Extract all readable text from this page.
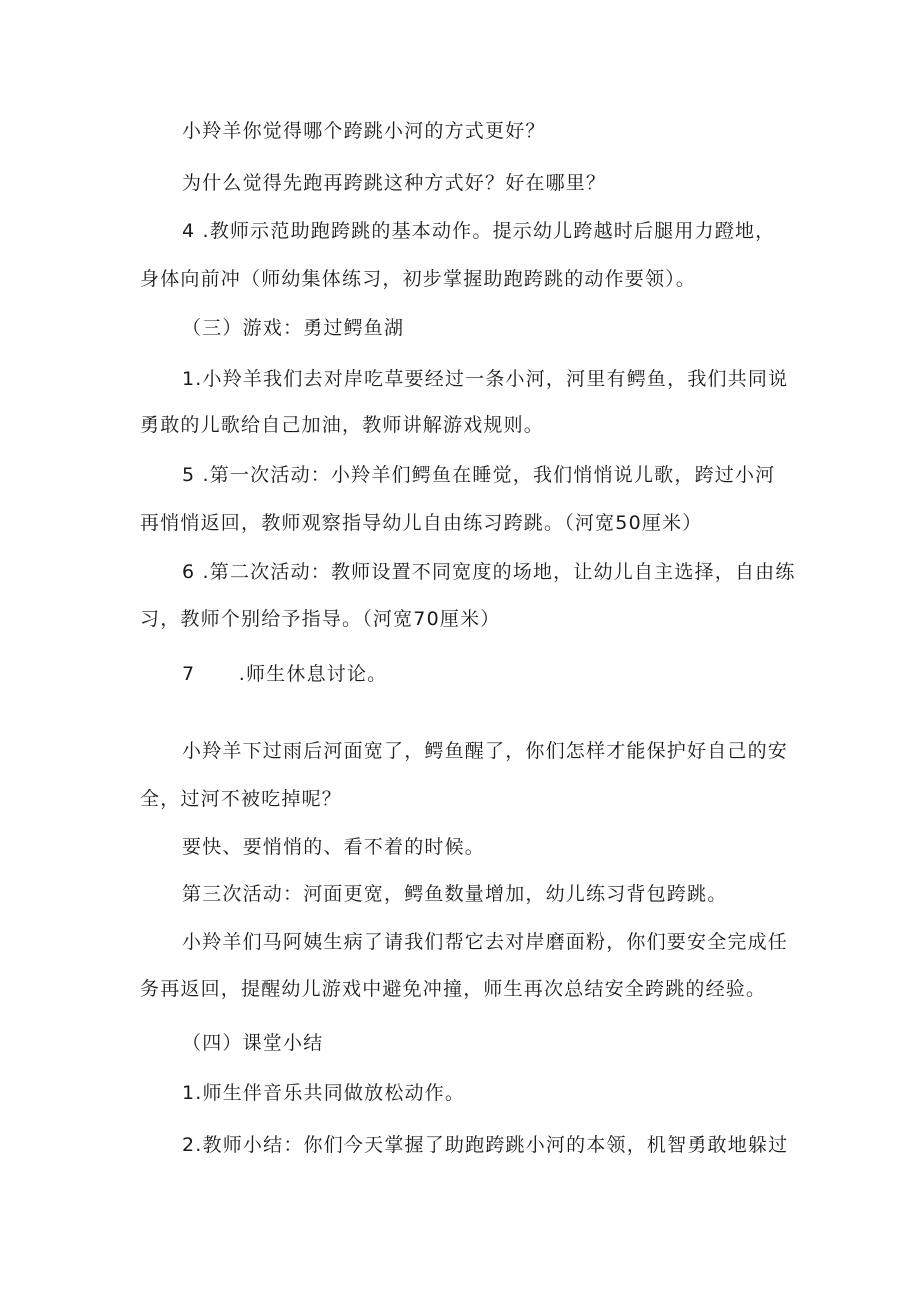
小羚羊你觉得哪个跨跳小河的方式更好？
为什么觉得先跑再跨跳这种方式好？好在哪里？
4 .教师示范助跑跨跳的基本动作。提示幼儿跨越时后腿用力蹬地，
身体向前冲（师幼集体练习，初步掌握助跑跨跳的动作要领）。
（三）游戏：勇过鳄鱼湖
1.小羚羊我们去对岸吃草要经过一条小河，河里有鳄鱼，我们共同说
勇敢的儿歌给自己加油，教师讲解游戏规则。
5 .第一次活动：小羚羊们鳄鱼在睡觉，我们悄悄说儿歌，跨过小河
再悄悄返回，教师观察指导幼儿自由练习跨跳。（河宽50厘米）
6 .第二次活动：教师设置不同宽度的场地，让幼儿自主选择，自由练
习，教师个别给予指导。（河宽70厘米）
7      .师生休息讨论。
小羚羊下过雨后河面宽了，鳄鱼醒了，你们怎样才能保护好自己的安
全，过河不被吃掉呢？
要快、要悄悄的、看不着的时候。
第三次活动：河面更宽，鳄鱼数量增加，幼儿练习背包跨跳。
小羚羊们马阿姨生病了请我们帮它去对岸磨面粉，你们要安全完成任
务再返回，提醒幼儿游戏中避免冲撞，师生再次总结安全跨跳的经验。
（四）课堂小结
1.师生伴音乐共同做放松动作。
2.教师小结：你们今天掌握了助跑跨跳小河的本领，机智勇敢地躲过
